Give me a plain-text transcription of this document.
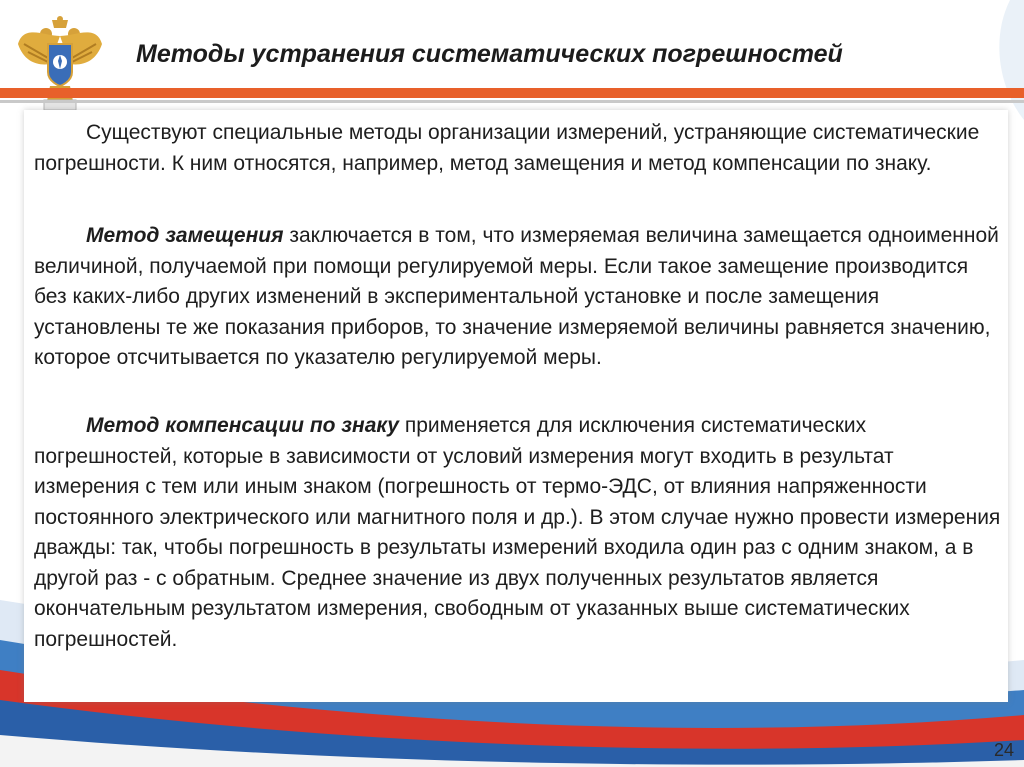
Методы устранения систематических погрешностей

Существуют специальные методы организации измерений, устраняющие систематические погрешности. К ним относятся, например, метод замещения и метод компенсации по знаку.

Метод замещения заключается в том, что измеряемая величина замещается одноименной величиной, получаемой при помощи регулируемой меры. Если такое замещение производится без каких-либо других изменений в экспериментальной установке и после замещения установлены те же показания приборов, то значение измеряемой величины равняется значению, которое отсчитывается по указателю регулируемой меры.

Метод компенсации по знаку применяется для исключения систематических погрешностей, которые в зависимости от условий измерения могут входить в результат измерения с тем или иным знаком (погрешность от термо-ЭДС, от влияния напряженности постоянного электрического или магнитного поля и др.). В этом случае нужно провести измерения дважды: так, чтобы погрешность в результаты измерений входила один раз с одним знаком, а в другой раз - с обратным. Среднее значение из двух полученных результатов является окончательным результатом измерения, свободным от указанных выше систематических погрешностей.

24
